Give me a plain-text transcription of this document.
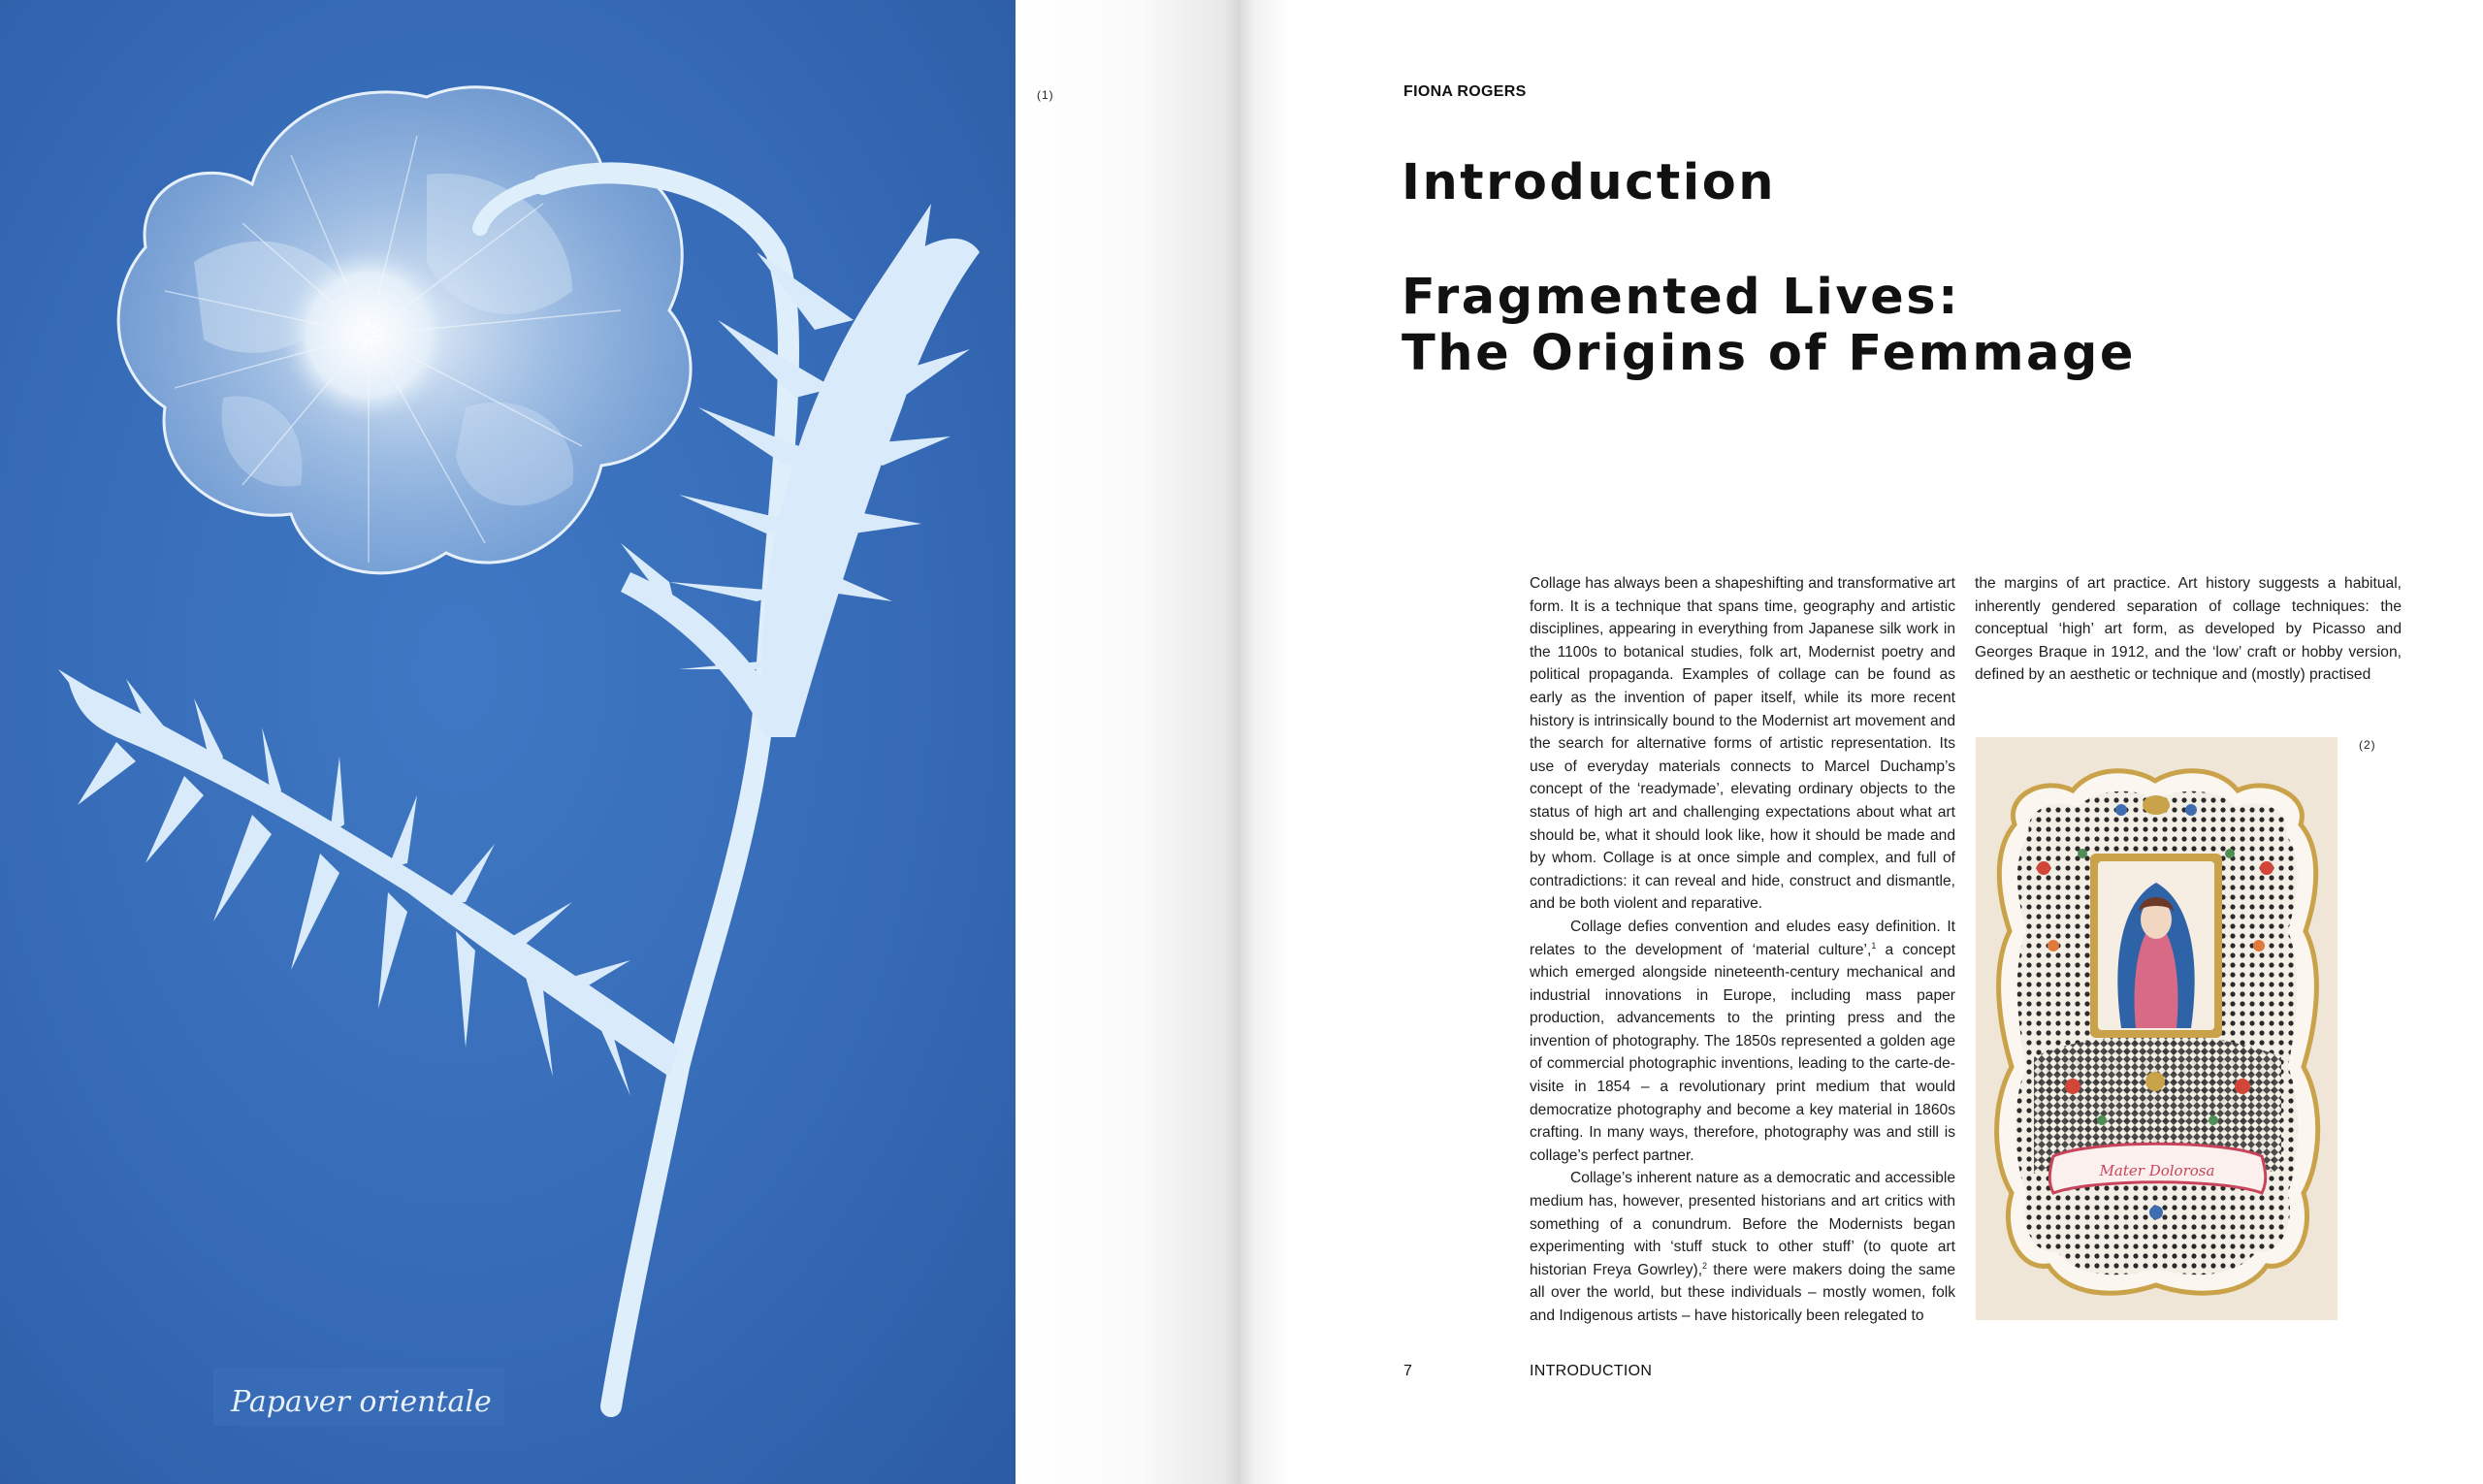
Papaver orientale
(1)	FIONA ROGERS
Introduction
Fragmented Lives:
The Origins of Femmage

Collage has always been a shapeshifting and transformative art form. It is a technique that spans time, geography and artistic disciplines, appearing in everything from Japanese silk work in the 1100s to botanical studies, folk art, Modernist poetry and political propaganda. Examples of collage can be found as early as the invention of paper itself, while its more recent history is intrinsically bound to the Modernist art movement and the search for alternative forms of artistic representation. Its use of everyday materials connects to Marcel Duchamp’s concept of the ‘readymade’, elevating ordinary objects to the status of high art and challenging expectations about what art should be, what it should look like, how it should be made and by whom. Collage is at once simple and complex, and full of contradictions: it can reveal and hide, construct and dismantle, and be both violent and reparative.

Collage defies convention and eludes easy definition. It relates to the development of ‘material culture’,$^1$ a concept which emerged alongside nineteenth-century mechanical and industrial innovations in Europe, including mass paper production, advancements to the printing press and the invention of photography. The 1850s represented a golden age of commercial photographic inventions, leading to the carte-de-visite in 1854 – a revolutionary print medium that would democratize photography and become a key material in 1860s crafting. In many ways, therefore, photography was and still is collage’s perfect partner.

Collage’s inherent nature as a democratic and accessible medium has, however, presented historians and art critics with something of a conundrum. Before the Modernists began experimenting with ‘stuff stuck to other stuff’ (to quote art historian Freya Gowrley),$^2$ there were makers doing the same all over the world, but these individuals – mostly women, folk and Indigenous artists – have historically been relegated to

the margins of art practice. Art history suggests a habitual, inherently gendered separation of collage techniques: the conceptual ‘high’ art form, as developed by Picasso and Georges Braque in 1912, and the ‘low’ craft or hobby version, defined by an aesthetic or technique and (mostly) practised

Mater Dolorosa
(2)
7	INTRODUCTION
